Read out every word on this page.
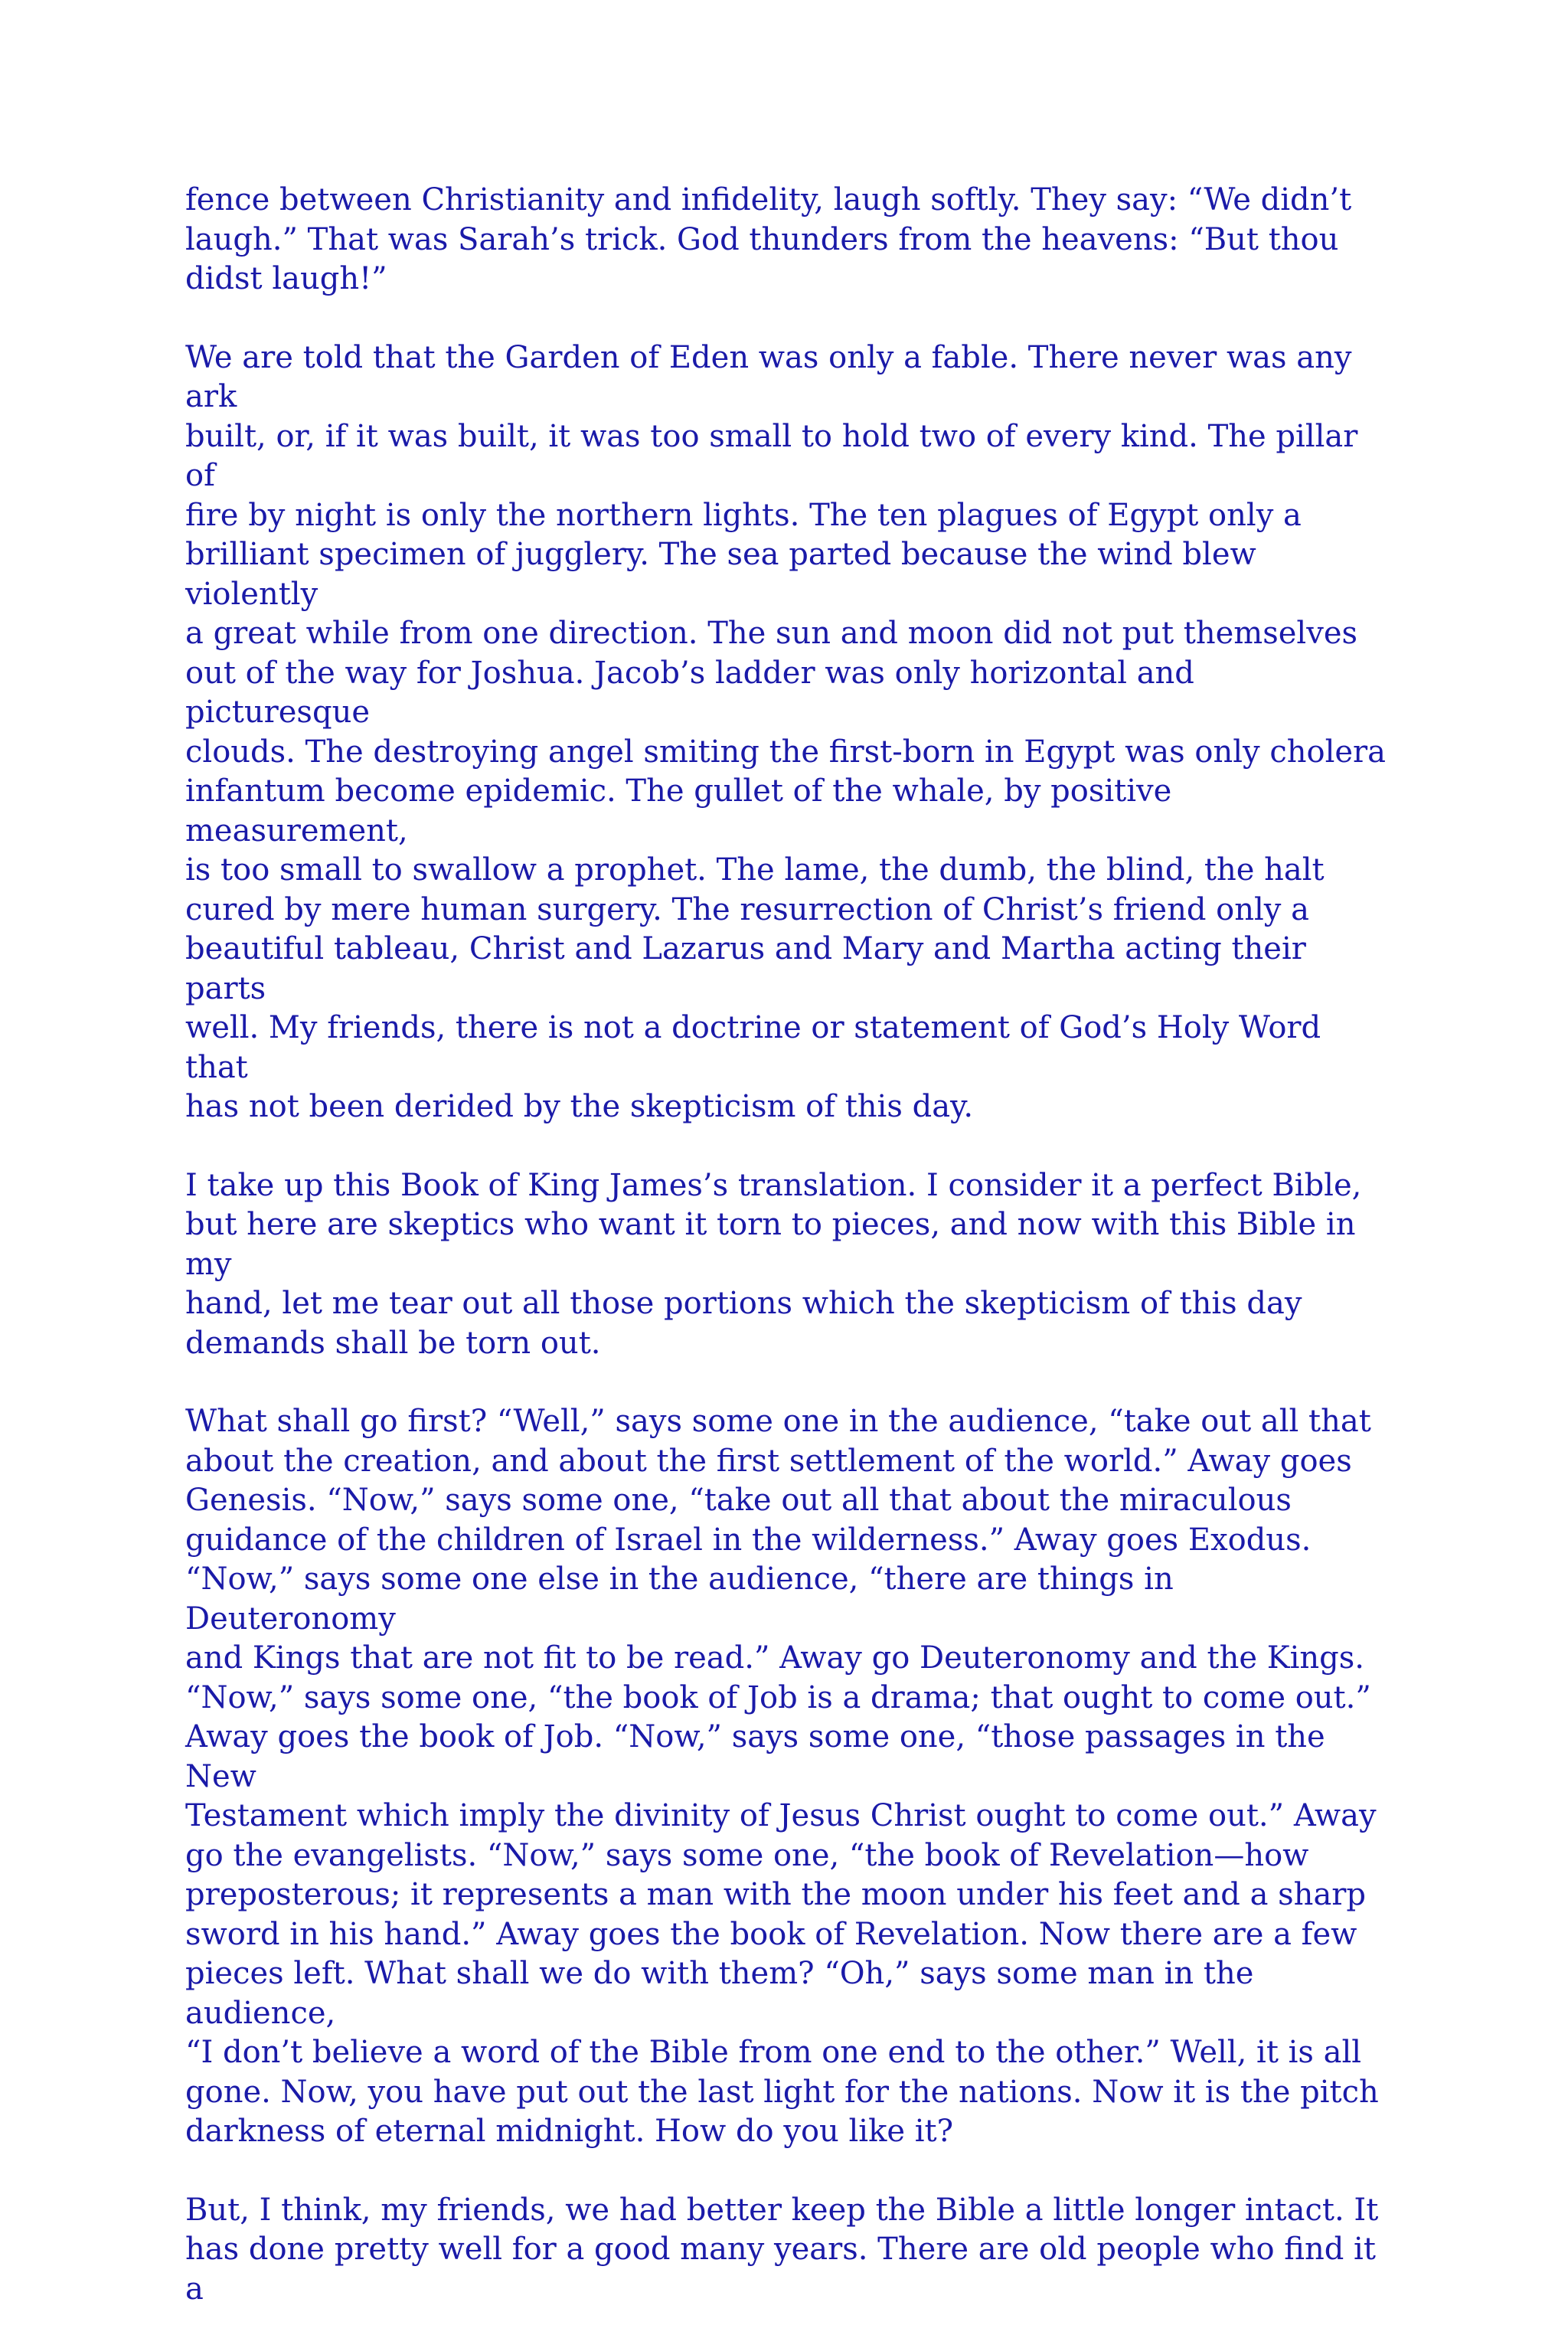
fence between Christianity and infidelity, laugh softly. They say: “We didn’t
laugh.” That was Sarah’s trick. God thunders from the heavens: “But thou
didst laugh!”

We are told that the Garden of Eden was only a fable. There never was any ark
built, or, if it was built, it was too small to hold two of every kind. The pillar of
fire by night is only the northern lights. The ten plagues of Egypt only a
brilliant specimen of jugglery. The sea parted because the wind blew violently
a great while from one direction. The sun and moon did not put themselves
out of the way for Joshua. Jacob’s ladder was only horizontal and picturesque
clouds. The destroying angel smiting the first-born in Egypt was only cholera
infantum become epidemic. The gullet of the whale, by positive measurement,
is too small to swallow a prophet. The lame, the dumb, the blind, the halt
cured by mere human surgery. The resurrection of Christ’s friend only a
beautiful tableau, Christ and Lazarus and Mary and Martha acting their parts
well. My friends, there is not a doctrine or statement of God’s Holy Word that
has not been derided by the skepticism of this day.

I take up this Book of King James’s translation. I consider it a perfect Bible,
but here are skeptics who want it torn to pieces, and now with this Bible in my
hand, let me tear out all those portions which the skepticism of this day
demands shall be torn out.

What shall go first? “Well,” says some one in the audience, “take out all that
about the creation, and about the first settlement of the world.” Away goes
Genesis. “Now,” says some one, “take out all that about the miraculous
guidance of the children of Israel in the wilderness.” Away goes Exodus.
“Now,” says some one else in the audience, “there are things in Deuteronomy
and Kings that are not fit to be read.” Away go Deuteronomy and the Kings.
“Now,” says some one, “the book of Job is a drama; that ought to come out.”
Away goes the book of Job. “Now,” says some one, “those passages in the New
Testament which imply the divinity of Jesus Christ ought to come out.” Away
go the evangelists. “Now,” says some one, “the book of Revelation—how
preposterous; it represents a man with the moon under his feet and a sharp
sword in his hand.” Away goes the book of Revelation. Now there are a few
pieces left. What shall we do with them? “Oh,” says some man in the audience,
“I don’t believe a word of the Bible from one end to the other.” Well, it is all
gone. Now, you have put out the last light for the nations. Now it is the pitch
darkness of eternal midnight. How do you like it?

But, I think, my friends, we had better keep the Bible a little longer intact. It
has done pretty well for a good many years. There are old people who find it a
